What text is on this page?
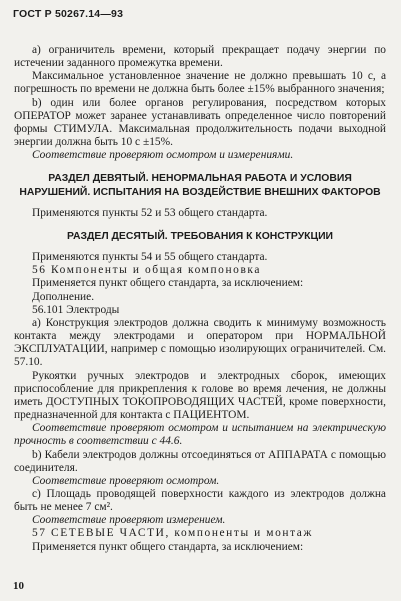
ГОСТ Р 50267.14—93

а) ограничитель времени, который прекращает подачу энергии по истечении заданного промежутка времени.

Максимальное установленное значение не должно превышать 10 с, а погрешность по времени не должна быть более ±15% выбранного значения;

b) один или более органов регулирования, посредством которых ОПЕРАТОР может заранее устанавливать определенное число повторений формы СТИМУЛА. Максимальная продолжительность подачи выходной энергии должна быть 10 с ±15%.

Соответствие проверяют осмотром и измерениями.

РАЗДЕЛ ДЕВЯТЫЙ. НЕНОРМАЛЬНАЯ РАБОТА И УСЛОВИЯ НАРУШЕНИЙ. ИСПЫТАНИЯ НА ВОЗДЕЙСТВИЕ ВНЕШНИХ ФАКТОРОВ

Применяются пункты 52 и 53 общего стандарта.

РАЗДЕЛ ДЕСЯТЫЙ. ТРЕБОВАНИЯ К КОНСТРУКЦИИ

Применяются пункты 54 и 55 общего стандарта.

56 Компоненты и общая компоновка

Применяется пункт общего стандарта, за исключением:

Дополнение.

56.101 Электроды

а) Конструкция электродов должна сводить к минимуму возможность контакта между электродами и оператором при НОРМАЛЬНОЙ ЭКСПЛУАТАЦИИ, например с помощью изолирующих ограничителей. См. 57.10.

Рукоятки ручных электродов и электродных сборок, имеющих приспособление для прикрепления к голове во время лечения, не должны иметь ДОСТУПНЫХ ТОКОПРОВОДЯЩИХ ЧАСТЕЙ, кроме поверхности, предназначенной для контакта с ПАЦИЕНТОМ.

Соответствие проверяют осмотром и испытанием на электрическую прочность в соответствии с 44.6.

b) Кабели электродов должны отсоединяться от АППАРАТА с помощью соединителя.

Соответствие проверяют осмотром.

с) Площадь проводящей поверхности каждого из электродов должна быть не менее 7 см².

Соответствие проверяют измерением.

57 СЕТЕВЫЕ ЧАСТИ, компоненты и монтаж

Применяется пункт общего стандарта, за исключением:

10
